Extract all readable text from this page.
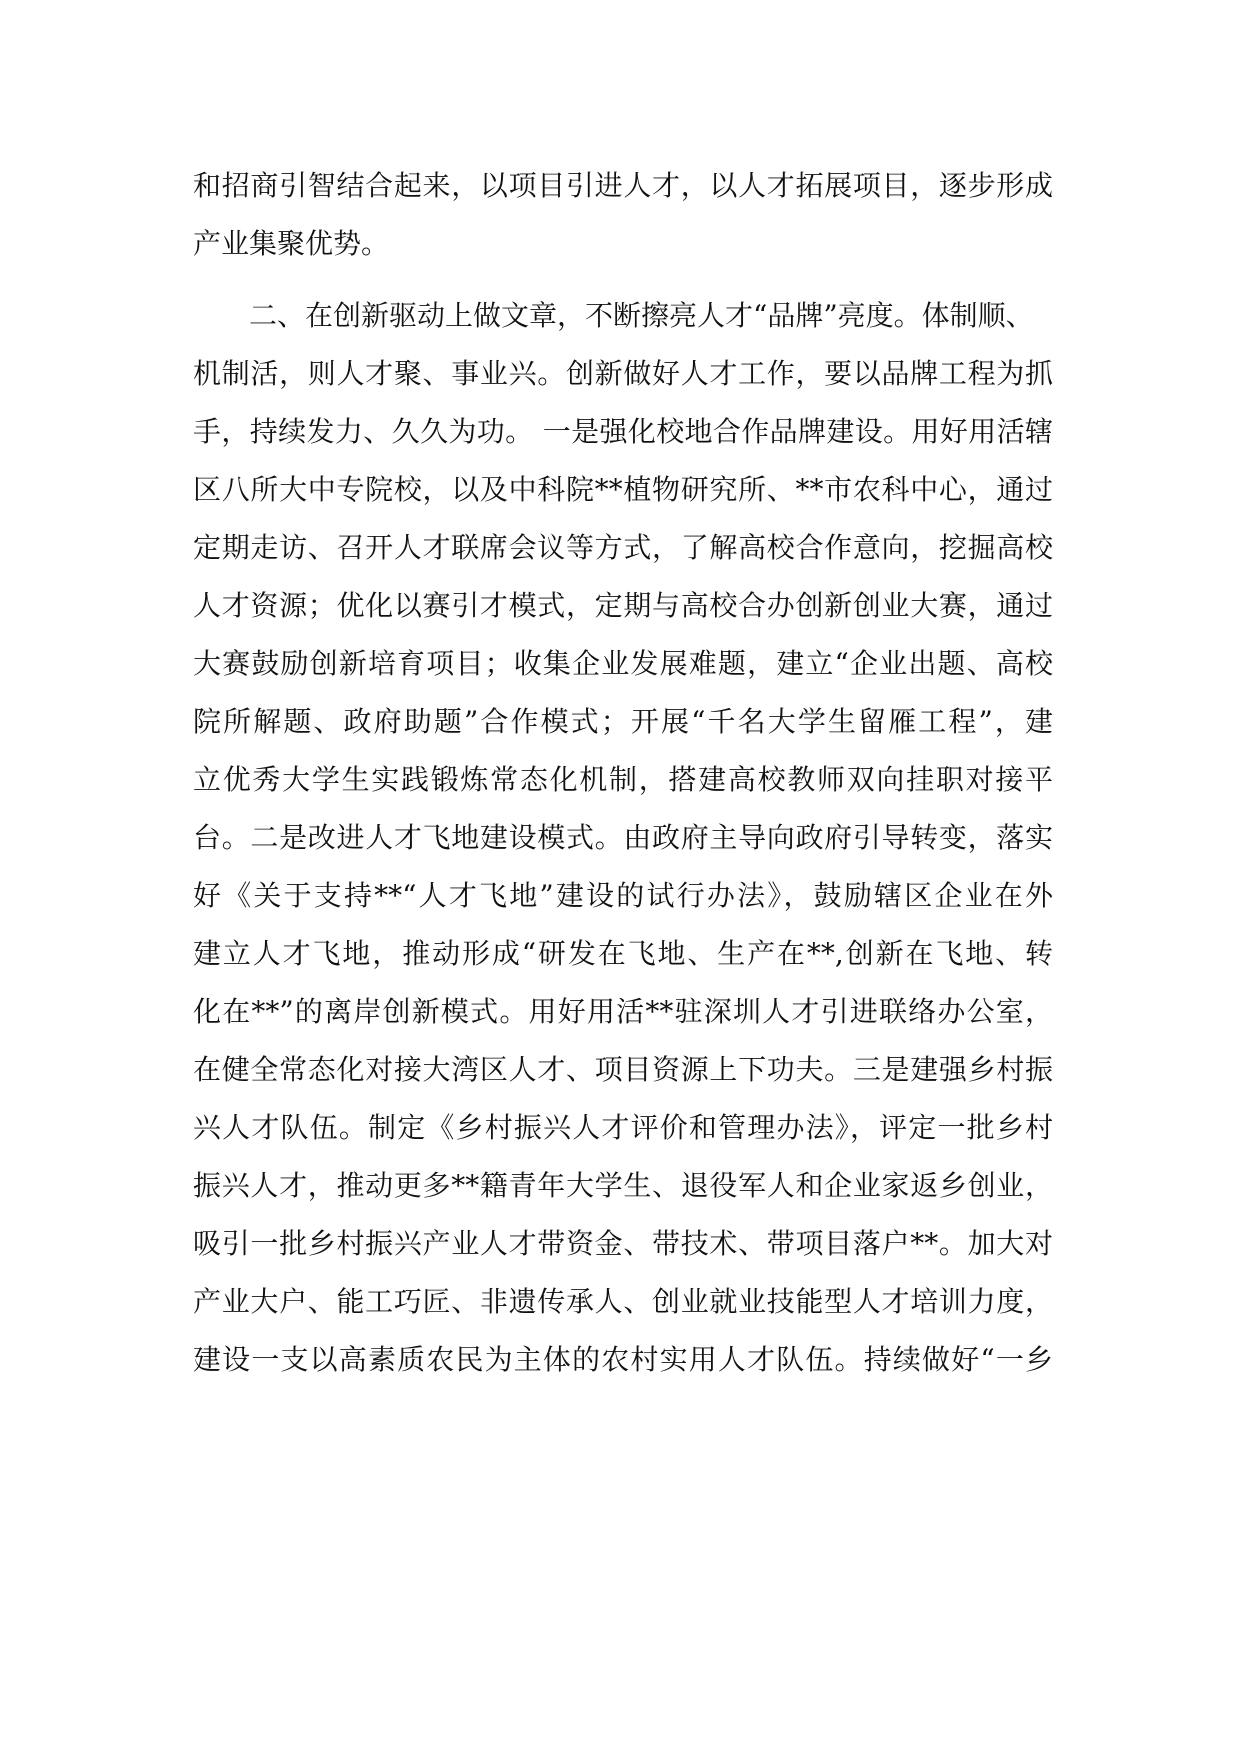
和招商引智结合起来，以项目引进人才，以人才拓展项目，逐步形成
产业集聚优势。
二、在创新驱动上做文章，不断擦亮人才“品牌”亮度。体制顺、
机制活，则人才聚、事业兴。创新做好人才工作，要以品牌工程为抓
手，持续发力、久久为功。 一是强化校地合作品牌建设。用好用活辖
区八所大中专院校，以及中科院**植物研究所、**市农科中心，通过
定期走访、召开人才联席会议等方式，了解高校合作意向，挖掘高校
人才资源；优化以赛引才模式，定期与高校合办创新创业大赛，通过
大赛鼓励创新培育项目；收集企业发展难题，建立“企业出题、高校
院所解题、政府助题”合作模式；开展“千名大学生留雁工程”，建
立优秀大学生实践锻炼常态化机制，搭建高校教师双向挂职对接平
台。二是改进人才飞地建设模式。由政府主导向政府引导转变，落实
好《关于支持**“人才飞地”建设的试行办法》，鼓励辖区企业在外
建立人才飞地，推动形成“研发在飞地、生产在**,创新在飞地、转
化在**”的离岸创新模式。用好用活**驻深圳人才引进联络办公室，
在健全常态化对接大湾区人才、项目资源上下功夫。三是建强乡村振
兴人才队伍。制定《乡村振兴人才评价和管理办法》，评定一批乡村
振兴人才，推动更多**籍青年大学生、退役军人和企业家返乡创业，
吸引一批乡村振兴产业人才带资金、带技术、带项目落户**。加大对
产业大户、能工巧匠、非遗传承人、创业就业技能型人才培训力度，
建设一支以高素质农民为主体的农村实用人才队伍。持续做好“一乡
